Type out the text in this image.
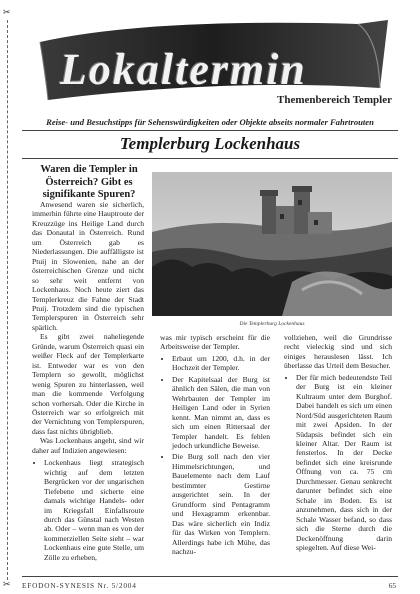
✂
✂
Lokaltermin
Themenbereich Templer
Reise- und Besuchstipps für Sehenswürdigkeiten oder Objekte abseits normaler Fahrtrouten
Templerburg Lockenhaus
Waren die Templer in Österreich? Gibt es signifikante Spuren?

Anwesend waren sie sicherlich, immerhin führte eine Hauptroute der Kreuzzüge ins Heilige Land durch das Donautal in Österreich. Rund um Österreich gab es Niederlassungen. Die auffälligste ist Ptuij in Slowenien, nahe an der österreichischen Grenze und nicht so sehr weit entfernt von Lockenhaus. Noch heute ziert das Templerkreuz die Fahne der Stadt Ptuij. Trotzdem sind die typischen Templerspuren in Österreich sehr spärlich.

Es gibt zwei naheliegende Gründe, warum Österreich quasi ein weißer Fleck auf der Templerkarte ist. Entweder war es von den Templern so gewollt, möglichst wenig Spuren zu hinterlassen, weil man die kommende Verfolgung schon vorhersah. Oder die Kirche in Österreich war so erfolgreich mit der Vernichtung von Templerspuren, dass fast nichts übrigblieb.

Was Lockenhaus angeht, sind wir daher auf Indizien angewiesen:

• Lockenhaus liegt strategisch wichtig auf dem letzten Bergrücken vor der ungarischen Tiefebene und sicherte eine damals wichtige Handels- oder im Kriegsfall Einfallsroute durch das Günstal nach Westen ab. Oder – wenn man es von der kommerziellen Seite sieht – war Lockenhaus eine gute Stelle, um Zölle zu erheben,
Die Templerburg Lockenhaus

was mir typisch erscheint für die Arbeitsweise der Templer.

• Erbaut um 1200, d.h. in der Hochzeit der Templer.
• Der Kapitelsaal der Burg ist ähnlich den Sälen, die man von Wehrbauten der Templer im Heiligen Land oder in Syrien kennt. Man nimmt an, dass es sich um einen Rittersaal der Templer handelt. Es fehlen jedoch urkundliche Beweise.
• Die Burg soll nach den vier Himmelsrichtungen, und Bauelemente nach dem Lauf bestimmter Gestirne ausgerichtet sein. In der Grundform sind Pentagramm und Hexagramm erkennbar. Das wäre sicherlich ein Indiz für das Wirken von Templern. Allerdings habe ich Mühe, das nachzu-

vollziehen, weil die Grundrisse recht vieleckig sind und sich einiges herauslesen lässt. Ich überlasse das Urteil dem Besucher.

• Der für mich bedeutendste Teil der Burg ist ein kleiner Kultraum unter dem Burghof. Dabei handelt es sich um einen Nord/Süd ausgerichteten Raum mit zwei Apsiden. In der Südapsis befindet sich ein kleiner Altar. Der Raum ist fensterlos. In der Decke befindet sich eine kreisrunde Öffnung von ca. 75 cm Durchmesser. Genau senkrecht darunter befindet sich eine Schale im Boden. Es ist anzunehmen, dass sich in der Schale Wasser befand, so dass sich die Sterne durch die Deckenöffnung darin spiegelten. Auf diese Wei-
EFODON-SYNESIS Nr. 5/2004	65
